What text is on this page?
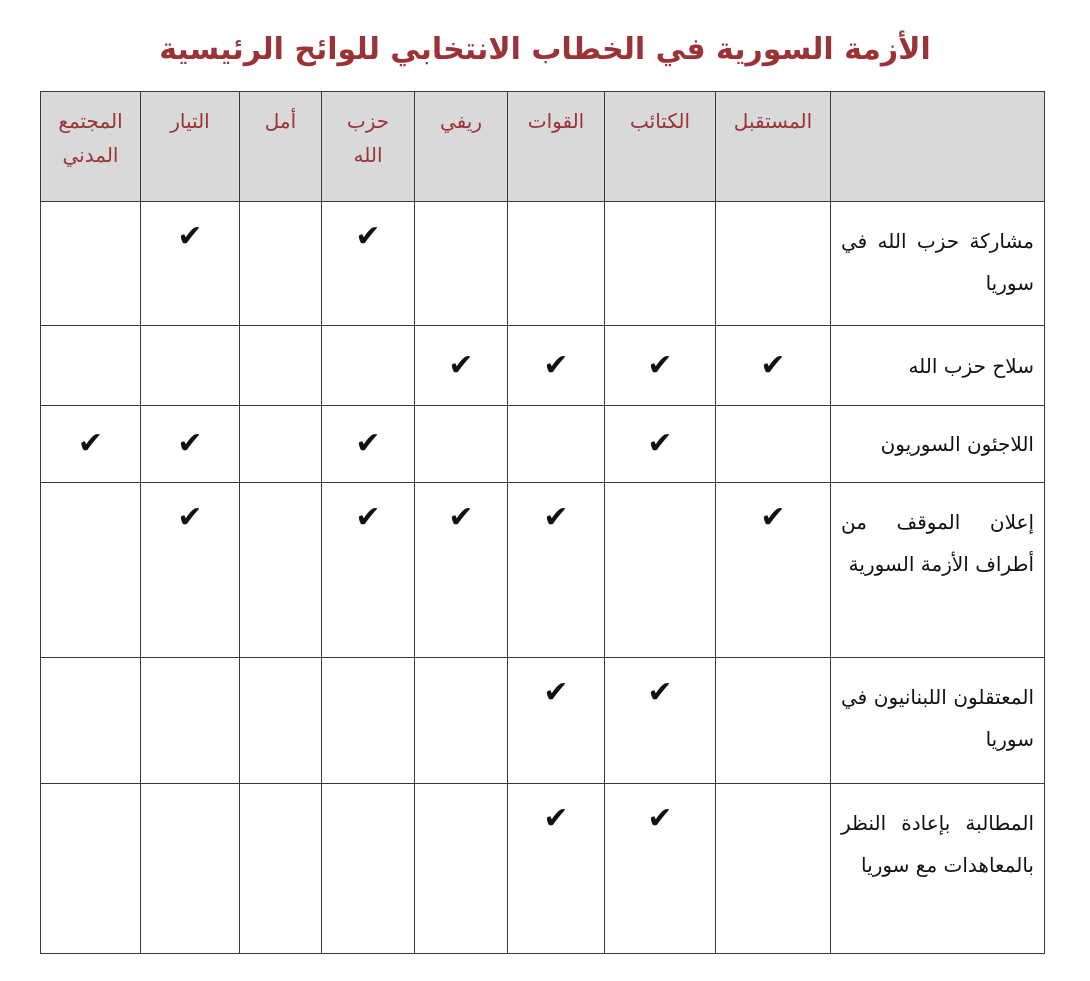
الأزمة السورية في الخطاب الانتخابي للوائح الرئيسية

	المستقبل	الكتائب	القوات	ريفي	حزب الله	أمل	التيار	المجتمع المدني

مشاركة حزب الله في سوريا					✔		✔	
سلاح حزب الله	✔	✔	✔	✔				
اللاجئون السوريون		✔			✔		✔	✔
إعلان الموقف من أطراف الأزمة السورية	✔		✔	✔	✔		✔	
المعتقلون اللبنانيون في سوريا		✔	✔					
المطالبة بإعادة النظر بالمعاهدات مع سوريا		✔	✔					
